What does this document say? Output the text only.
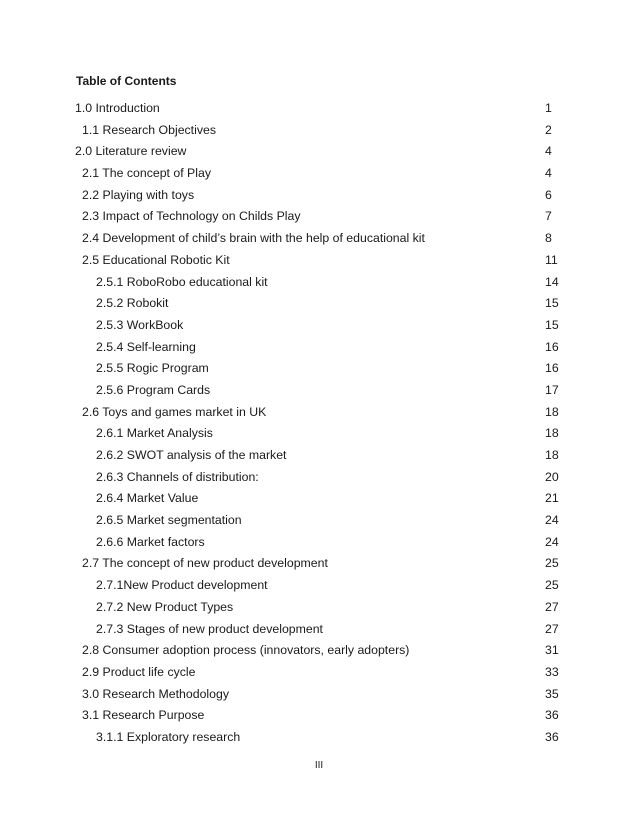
Table of Contents
1.0 Introduction	1
1.1 Research Objectives	2
2.0 Literature review	4
2.1 The concept of Play	4
2.2 Playing with toys	6
2.3 Impact of Technology on Childs Play	7
2.4 Development of child’s brain with the help of educational kit	8
2.5 Educational Robotic Kit	11
2.5.1 RoboRobo educational kit	14
2.5.2 Robokit	15
2.5.3 WorkBook	15
2.5.4 Self-learning	16
2.5.5 Rogic Program	16
2.5.6 Program Cards	17
2.6 Toys and games market in UK	18
2.6.1 Market Analysis	18
2.6.2 SWOT analysis of the market	18
2.6.3 Channels of distribution:	20
2.6.4 Market Value	21
2.6.5 Market segmentation	24
2.6.6 Market factors	24
2.7 The concept of new product development	25
2.7.1New Product development	25
2.7.2 New Product Types	27
2.7.3 Stages of new product development	27
2.8 Consumer adoption process (innovators, early adopters)	31
2.9 Product life cycle	33
3.0 Research Methodology	35
3.1 Research Purpose	36
3.1.1 Exploratory research	36
III
